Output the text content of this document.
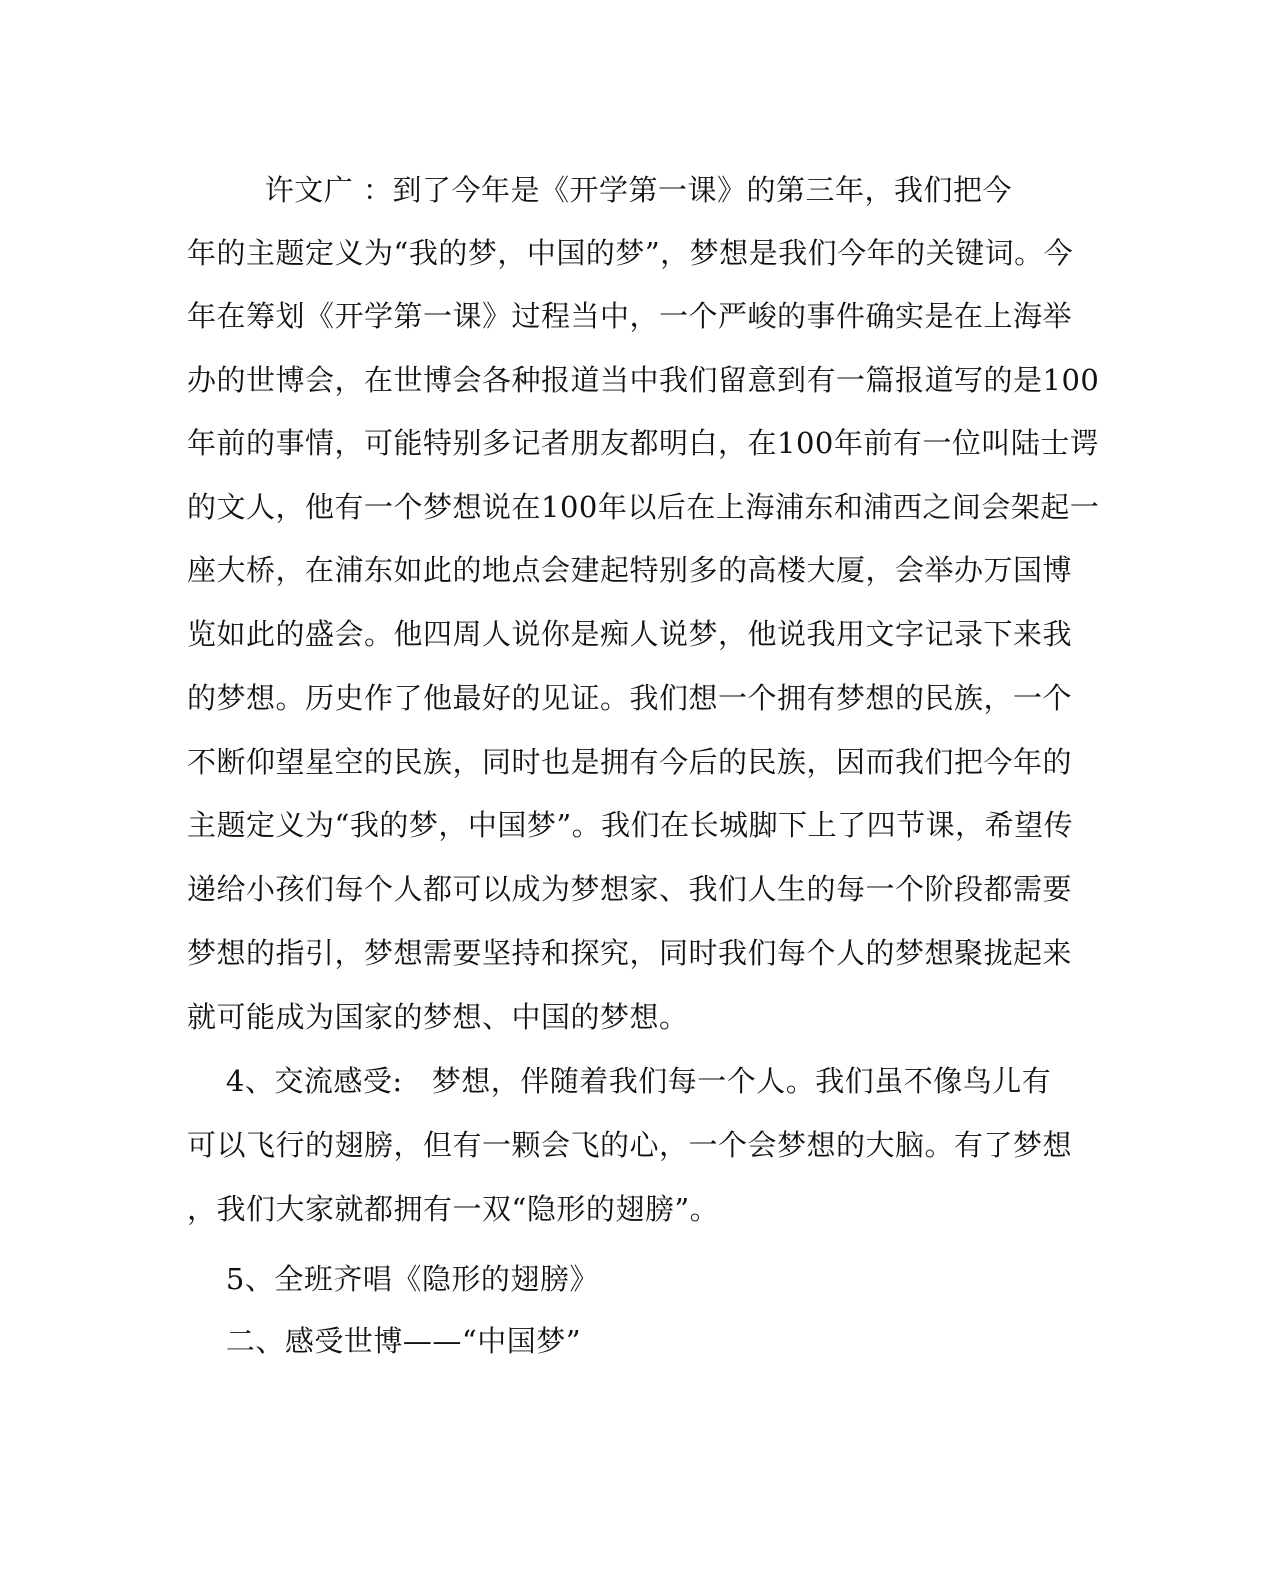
许文广 ：到了今年是《开学第一课》的第三年，我们把今
年的主题定义为“我的梦，中国的梦”，梦想是我们今年的关键词。今
年在筹划《开学第一课》过程当中，一个严峻的事件确实是在上海举
办的世博会，在世博会各种报道当中我们留意到有一篇报道写的是100
年前的事情，可能特别多记者朋友都明白，在100年前有一位叫陆士谔
的文人，他有一个梦想说在100年以后在上海浦东和浦西之间会架起一
座大桥，在浦东如此的地点会建起特别多的高楼大厦，会举办万国博
览如此的盛会。他四周人说你是痴人说梦，他说我用文字记录下来我
的梦想。历史作了他最好的见证。我们想一个拥有梦想的民族，一个
不断仰望星空的民族，同时也是拥有今后的民族，因而我们把今年的
主题定义为“我的梦，中国梦”。我们在长城脚下上了四节课，希望传
递给小孩们每个人都可以成为梦想家、我们人生的每一个阶段都需要
梦想的指引，梦想需要坚持和探究，同时我们每个人的梦想聚拢起来
就可能成为国家的梦想、中国的梦想。
4、交流感受:   梦想，伴随着我们每一个人。我们虽不像鸟儿有
可以飞行的翅膀，但有一颗会飞的心，一个会梦想的大脑。有了梦想
，我们大家就都拥有一双“隐形的翅膀”。
5、全班齐唱《隐形的翅膀》
二、感受世博——“中国梦”
